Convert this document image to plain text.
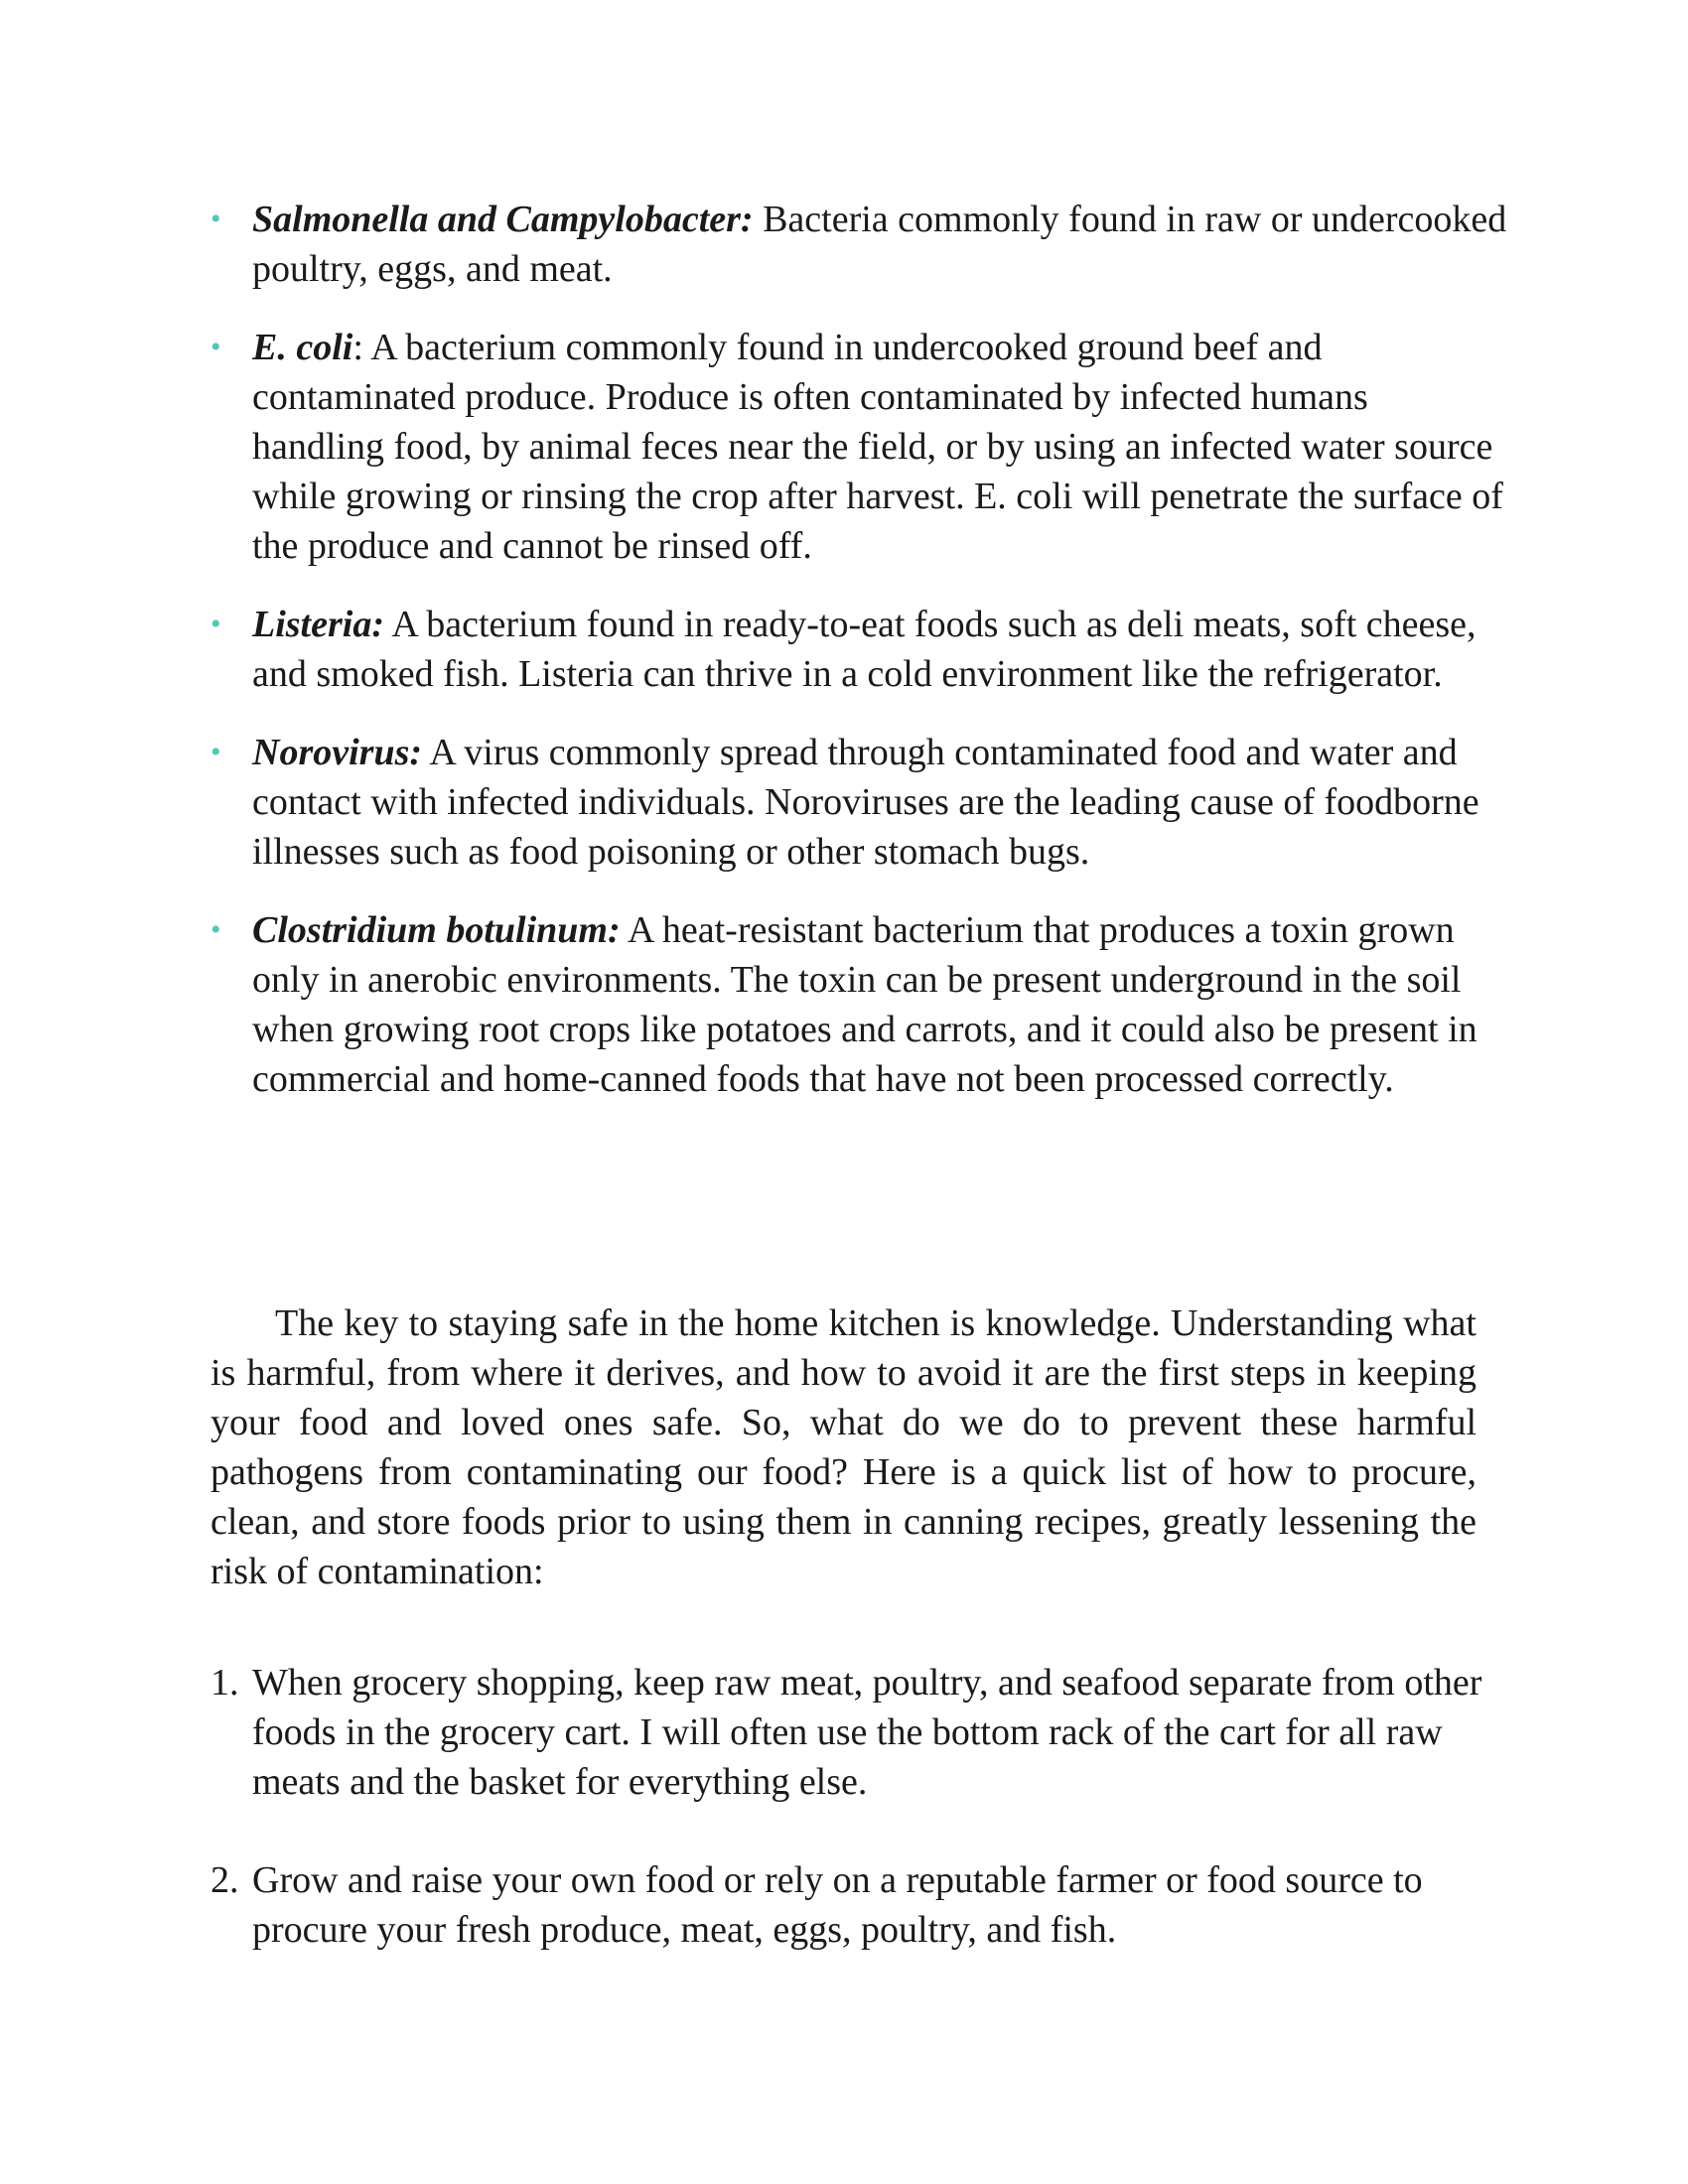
• Salmonella and Campylobacter: Bacteria commonly found in raw or undercooked poultry, eggs, and meat.
• E. coli: A bacterium commonly found in undercooked ground beef and contaminated produce. Produce is often contaminated by infected humans handling food, by animal feces near the field, or by using an infected water source while growing or rinsing the crop after harvest. E. coli will penetrate the surface of the produce and cannot be rinsed off.
• Listeria: A bacterium found in ready-to-eat foods such as deli meats, soft cheese, and smoked fish. Listeria can thrive in a cold environment like the refrigerator.
• Norovirus: A virus commonly spread through contaminated food and water and contact with infected individuals. Noroviruses are the leading cause of foodborne illnesses such as food poisoning or other stomach bugs.
• Clostridium botulinum: A heat-resistant bacterium that produces a toxin grown only in anerobic environments. The toxin can be present underground in the soil when growing root crops like potatoes and carrots, and it could also be present in commercial and home-canned foods that have not been processed correctly.

The key to staying safe in the home kitchen is knowledge. Understanding what is harmful, from where it derives, and how to avoid it are the first steps in keeping your food and loved ones safe. So, what do we do to prevent these harmful pathogens from contaminating our food? Here is a quick list of how to procure, clean, and store foods prior to using them in canning recipes, greatly lessening the risk of contamination:

1. When grocery shopping, keep raw meat, poultry, and seafood separate from other foods in the grocery cart. I will often use the bottom rack of the cart for all raw meats and the basket for everything else.
2. Grow and raise your own food or rely on a reputable farmer or food source to procure your fresh produce, meat, eggs, poultry, and fish.
